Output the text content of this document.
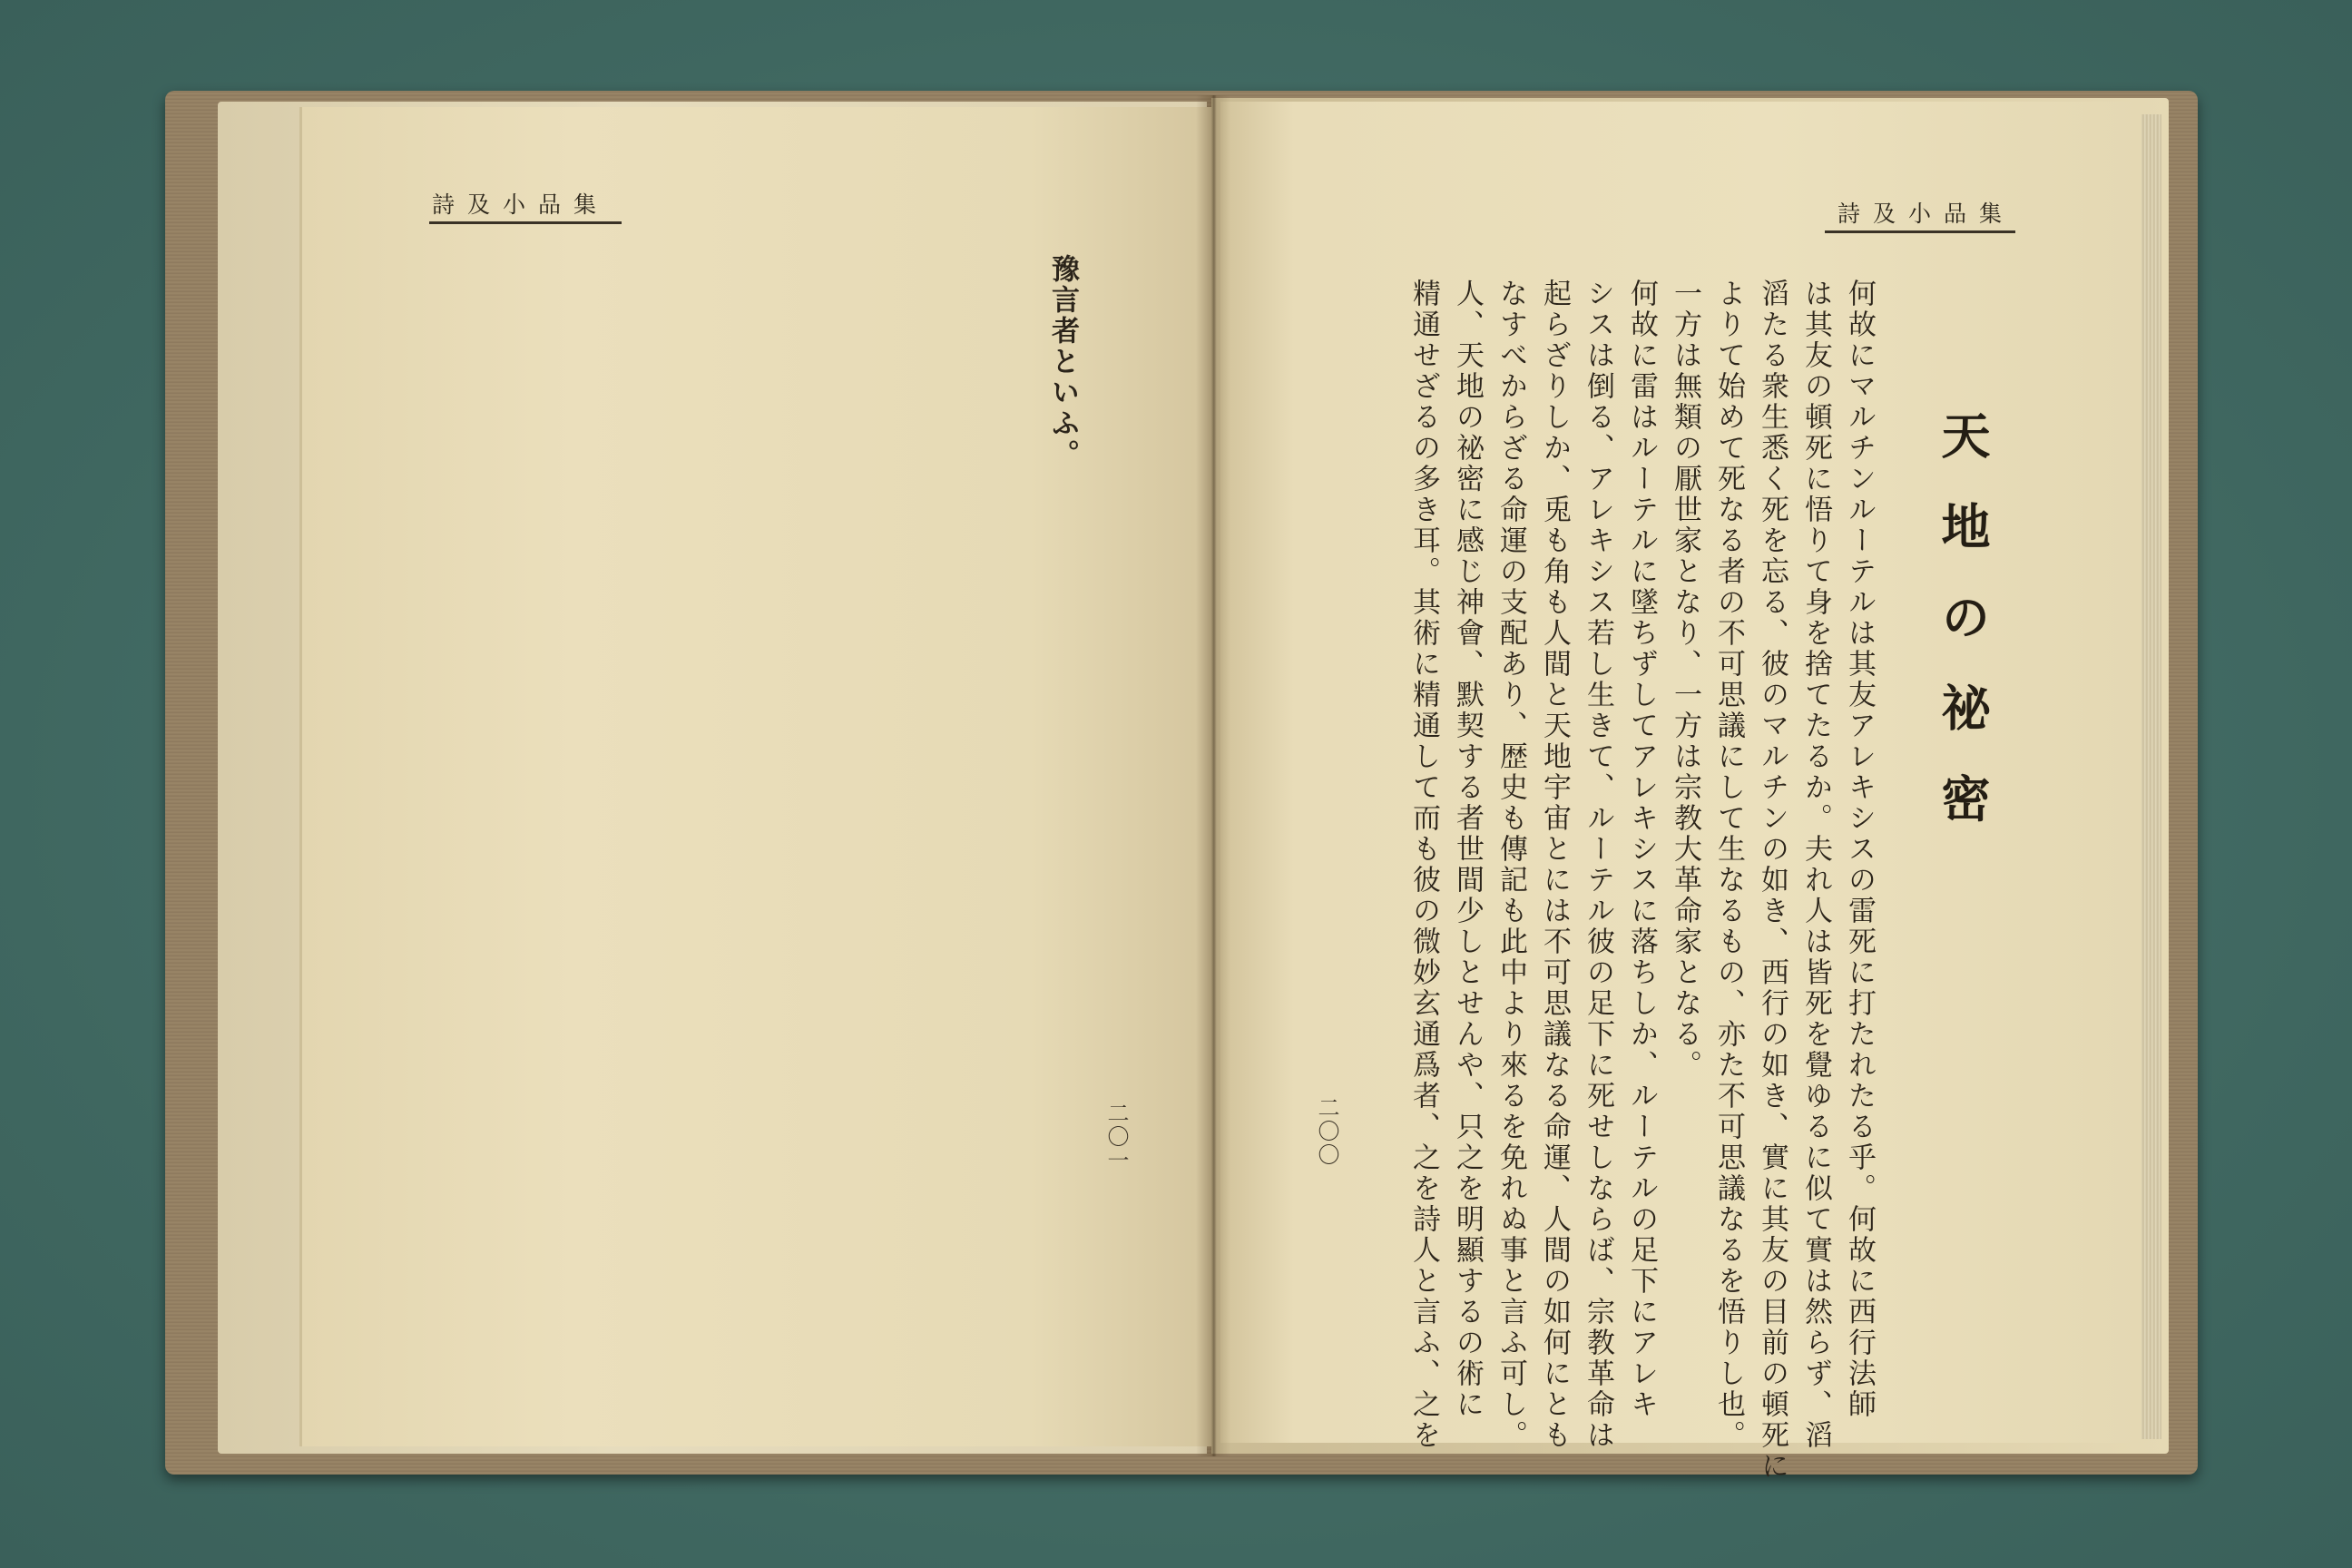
詩及小品集
豫言者といふ。
二〇一
詩及小品集
天地の祕密
何故にマルチンルーテルは其友アレキシスの雷死に打たれたる乎。何故に西行法師
は其友の頓死に悟りて身を捨てたるか。夫れ人は皆死を覺ゆるに似て實は然らず、滔
滔たる衆生悉く死を忘る、彼のマルチンの如き、西行の如き、實に其友の目前の頓死に
よりて始めて死なる者の不可思議にして生なるもの、亦た不可思議なるを悟りし也。
一方は無類の厭世家となり、一方は宗教大革命家となる。
何故に雷はルーテルに墜ちずしてアレキシスに落ちしか、ルーテルの足下にアレキ
シスは倒る、アレキシス若し生きて、ルーテル彼の足下に死せしならば、宗教革命は
起らざりしか、兎も角も人間と天地宇宙とには不可思議なる命運、人間の如何にとも
なすべからざる命運の支配あり、歴史も傳記も此中より來るを免れぬ事と言ふ可し。
人、天地の祕密に感じ神會、默契する者世間少しとせんや、只之を明顯するの術に
精通せざるの多き耳。其術に精通して而も彼の微妙玄通爲者、之を詩人と言ふ、之を
二〇〇
